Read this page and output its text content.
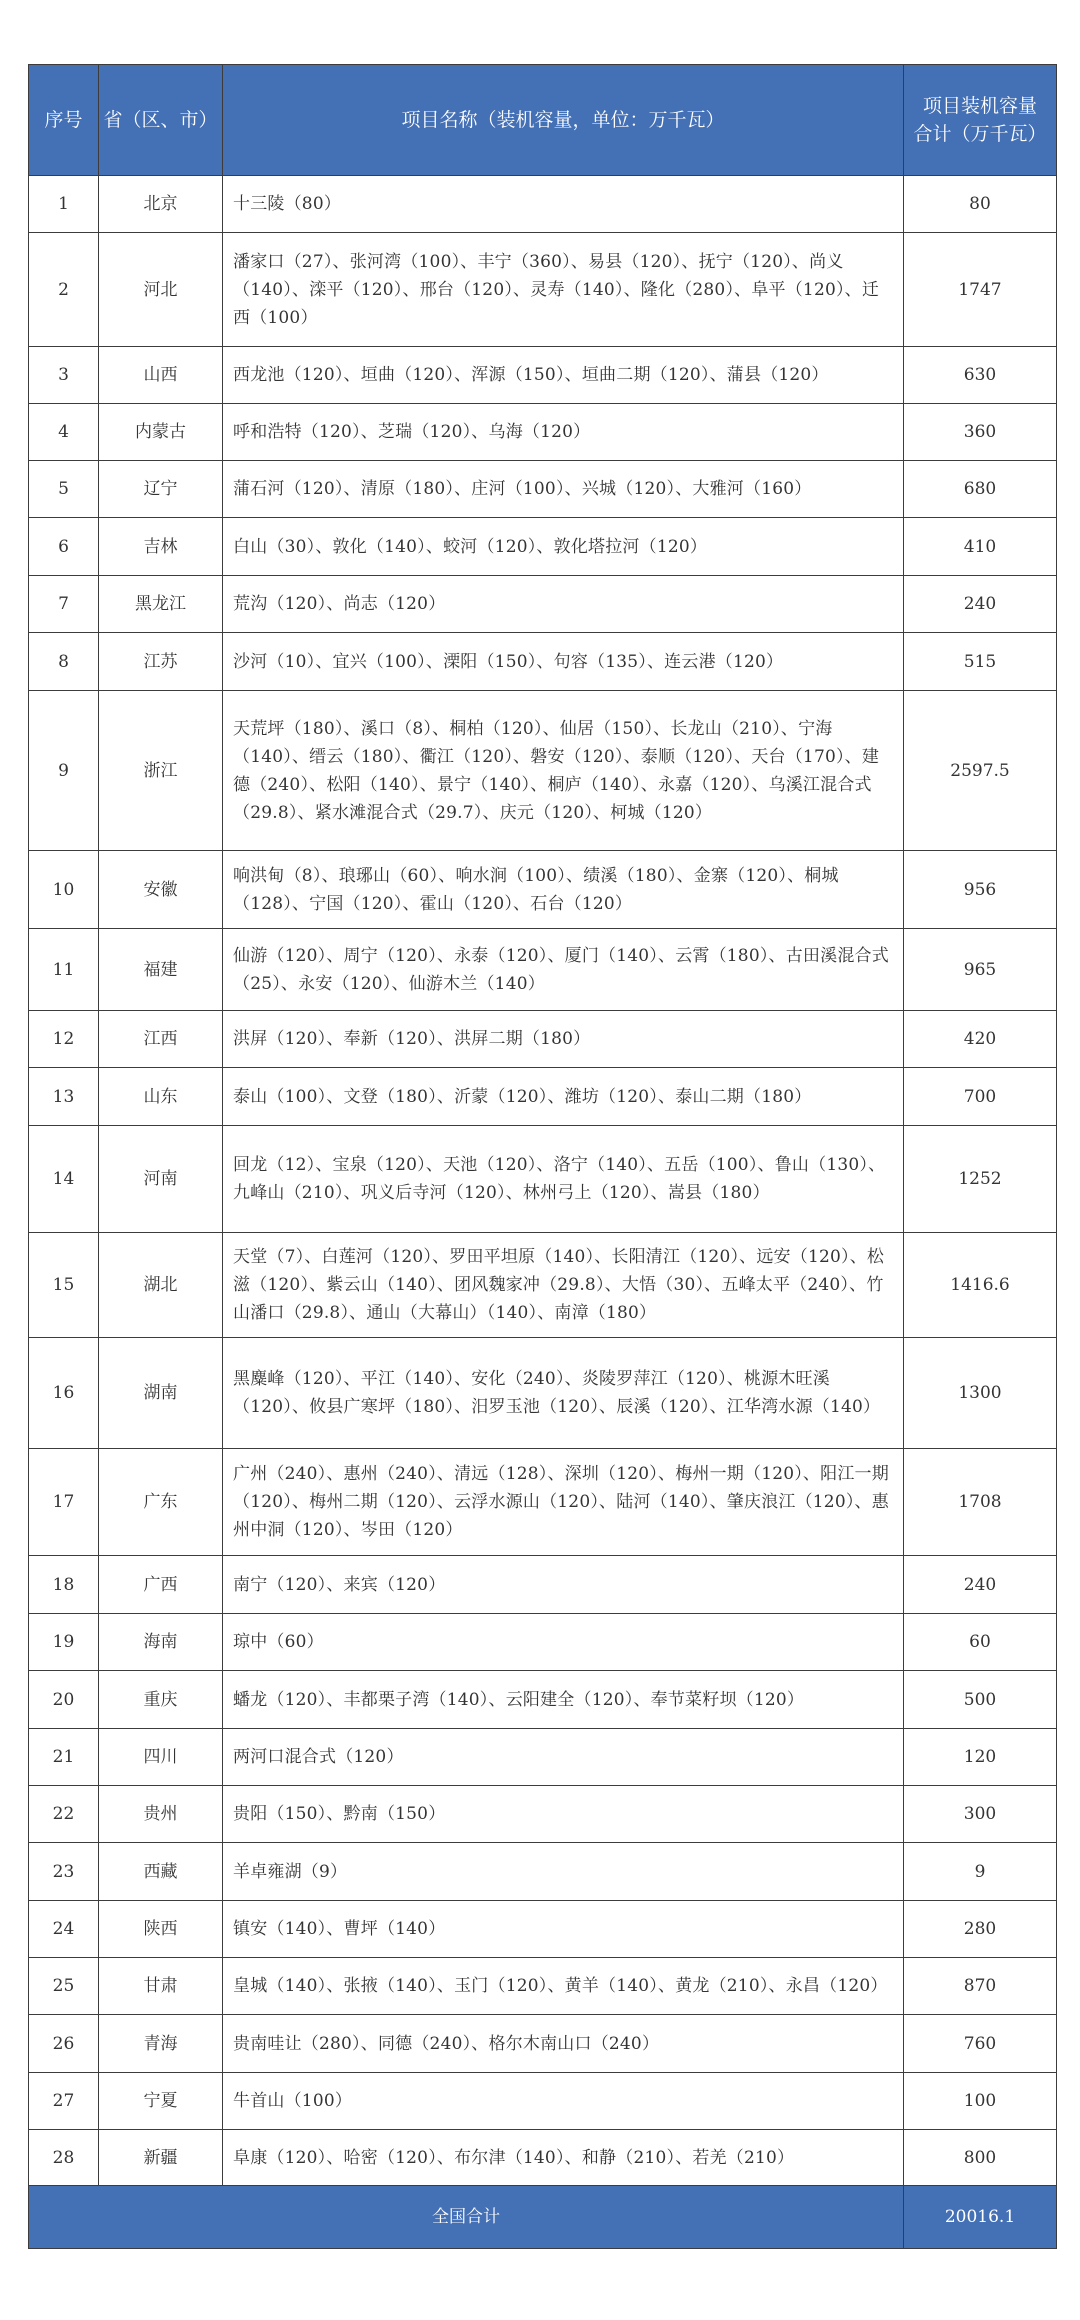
序号	省（区、市）	项目名称（装机容量，单位：万千瓦）	项目装机容量
合计（万千瓦）

1	北京	十三陵（80）	80
2	河北	潘家口（27）、张河湾（100）、丰宁（360）、易县（120）、抚宁（120）、尚义（140）、滦平（120）、邢台（120）、灵寿（140）、隆化（280）、阜平（120）、迁西（100）	1747
3	山西	西龙池（120）、垣曲（120）、浑源（150）、垣曲二期（120）、蒲县（120）	630
4	内蒙古	呼和浩特（120）、芝瑞（120）、乌海（120）	360
5	辽宁	蒲石河（120）、清原（180）、庄河（100）、兴城（120）、大雅河（160）	680
6	吉林	白山（30）、敦化（140）、蛟河（120）、敦化塔拉河（120）	410
7	黑龙江	荒沟（120）、尚志（120）	240
8	江苏	沙河（10）、宜兴（100）、溧阳（150）、句容（135）、连云港（120）	515
9	浙江	天荒坪（180）、溪口（8）、桐柏（120）、仙居（150）、长龙山（210）、宁海（140）、缙云（180）、衢江（120）、磐安（120）、泰顺（120）、天台（170）、建德（240）、松阳（140）、景宁（140）、桐庐（140）、永嘉（120）、乌溪江混合式（29.8）、紧水滩混合式（29.7）、庆元（120）、柯城（120）	2597.5
10	安徽	响洪甸（8）、琅琊山（60）、响水涧（100）、绩溪（180）、金寨（120）、桐城（128）、宁国（120）、霍山（120）、石台（120）	956
11	福建	仙游（120）、周宁（120）、永泰（120）、厦门（140）、云霄（180）、古田溪混合式（25）、永安（120）、仙游木兰（140）	965
12	江西	洪屏（120）、奉新（120）、洪屏二期（180）	420
13	山东	泰山（100）、文登（180）、沂蒙（120）、潍坊（120）、泰山二期（180）	700
14	河南	回龙（12）、宝泉（120）、天池（120）、洛宁（140）、五岳（100）、鲁山（130）、九峰山（210）、巩义后寺河（120）、林州弓上（120）、嵩县（180）	1252
15	湖北	天堂（7）、白莲河（120）、罗田平坦原（140）、长阳清江（120）、远安（120）、松滋（120）、紫云山（140）、团风魏家冲（29.8）、大悟（30）、五峰太平（240）、竹山潘口（29.8）、通山（大幕山）（140）、南漳（180）	1416.6
16	湖南	黑麋峰（120）、平江（140）、安化（240）、炎陵罗萍江（120）、桃源木旺溪（120）、攸县广寒坪（180）、汨罗玉池（120）、辰溪（120）、江华湾水源（140）	1300
17	广东	广州（240）、惠州（240）、清远（128）、深圳（120）、梅州一期（120）、阳江一期（120）、梅州二期（120）、云浮水源山（120）、陆河（140）、肇庆浪江（120）、惠州中洞（120）、岑田（120）	1708
18	广西	南宁（120）、来宾（120）	240
19	海南	琼中（60）	60
20	重庆	蟠龙（120）、丰都栗子湾（140）、云阳建全（120）、奉节菜籽坝（120）	500
21	四川	两河口混合式（120）	120
22	贵州	贵阳（150）、黔南（150）	300
23	西藏	羊卓雍湖（9）	9
24	陕西	镇安（140）、曹坪（140）	280
25	甘肃	皇城（140）、张掖（140）、玉门（120）、黄羊（140）、黄龙（210）、永昌（120）	870
26	青海	贵南哇让（280）、同德（240）、格尔木南山口（240）	760
27	宁夏	牛首山（100）	100
28	新疆	阜康（120）、哈密（120）、布尔津（140）、和静（210）、若羌（210）	800
全国合计			20016.1
